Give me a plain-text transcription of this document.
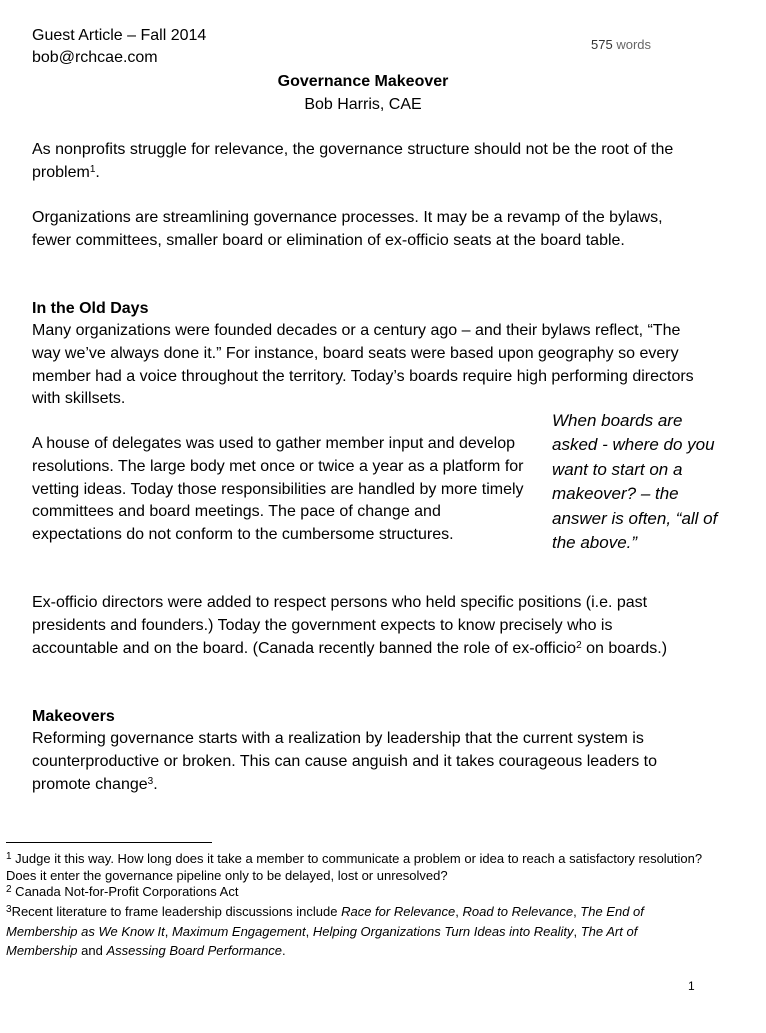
Guest Article – Fall 2014
bob@rchcae.com
575 words
Governance Makeover
Bob Harris, CAE

As nonprofits struggle for relevance, the governance structure should not be the root of the problem$^1$.

Organizations are streamlining governance processes. It may be a revamp of the bylaws, fewer committees, smaller board or elimination of ex-officio seats at the board table.

In the Old Days

Many organizations were founded decades or a century ago – and their bylaws reflect, “The way we’ve always done it.” For instance, board seats were based upon geography so every member had a voice throughout the territory. Today’s boards require high performing directors with skillsets.

A house of delegates was used to gather member input and develop resolutions. The large body met once or twice a year as a platform for vetting ideas. Today those responsibilities are handled by more timely committees and board meetings. The pace of change and expectations do not conform to the cumbersome structures.

When boards are asked - where do you want to start on a makeover? – the answer is often, “all of the above.”

Ex-officio directors were added to respect persons who held specific positions (i.e. past presidents and founders.) Today the government expects to know precisely who is accountable and on the board. (Canada recently banned the role of ex-officio$^2$ on boards.)

Makeovers

Reforming governance starts with a realization by leadership that the current system is counterproductive or broken. This can cause anguish and it takes courageous leaders to promote change$^3$.

$^1$ Judge it this way. How long does it take a member to communicate a problem or idea to reach a satisfactory resolution? Does it enter the governance pipeline only to be delayed, lost or unresolved?

$^2$ Canada Not-for-Profit Corporations Act

$^3$Recent literature to frame leadership discussions include Race for Relevance, Road to Relevance, The End of Membership as We Know It, Maximum Engagement, Helping Organizations Turn Ideas into Reality, The Art of Membership and Assessing Board Performance.

1
